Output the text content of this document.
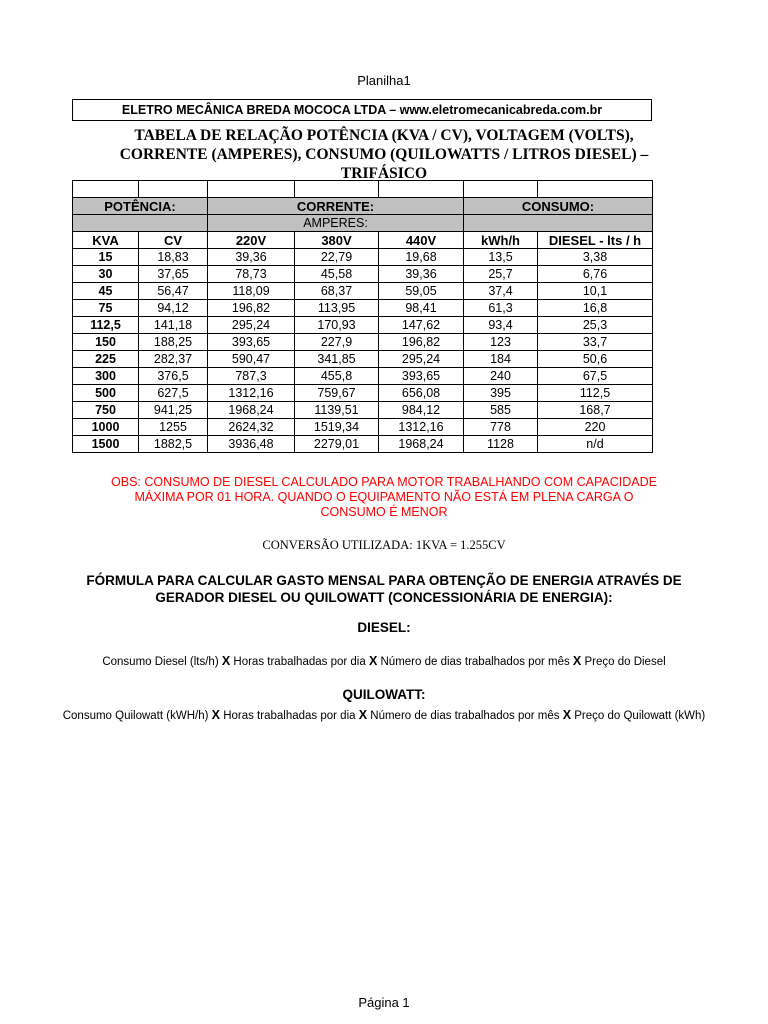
Planilha1
ELETRO MECÂNICA BREDA MOCOCA LTDA – www.eletromecanicabreda.com.br
TABELA DE RELAÇÃO POTÊNCIA (KVA / CV), VOLTAGEM (VOLTS),
CORRENTE (AMPERES), CONSUMO (QUILOWATTS / LITROS DIESEL) –
TRIFÁSICO

POTÊNCIA:		CORRENTE:			CONSUMO:	
		AMPERES:				
KVA	CV	220V	380V	440V	kWh/h	DIESEL - lts / h
15	18,83	39,36	22,79	19,68	13,5	3,38
30	37,65	78,73	45,58	39,36	25,7	6,76
45	56,47	118,09	68,37	59,05	37,4	10,1
75	94,12	196,82	113,95	98,41	61,3	16,8
112,5	141,18	295,24	170,93	147,62	93,4	25,3
150	188,25	393,65	227,9	196,82	123	33,7
225	282,37	590,47	341,85	295,24	184	50,6
300	376,5	787,3	455,8	393,65	240	67,5
500	627,5	1312,16	759,67	656,08	395	112,5
750	941,25	1968,24	1139,51	984,12	585	168,7
1000	1255	2624,32	1519,34	1312,16	778	220
1500	1882,5	3936,48	2279,01	1968,24	1128	n/d
OBS: CONSUMO DE DIESEL CALCULADO PARA MOTOR TRABALHANDO COM CAPACIDADE
MÁXIMA POR 01 HORA. QUANDO O EQUIPAMENTO NÃO ESTÁ EM PLENA CARGA O
CONSUMO É MENOR
CONVERSÃO UTILIZADA: 1KVA = 1.255CV
FÓRMULA PARA CALCULAR GASTO MENSAL PARA OBTENÇÃO DE ENERGIA ATRAVÉS DE
GERADOR DIESEL OU QUILOWATT (CONCESSIONÁRIA DE ENERGIA):
DIESEL:
Consumo Diesel (lts/h) X Horas trabalhadas por dia X Número de dias trabalhados por mês X Preço do Diesel
QUILOWATT:
Consumo Quilowatt (kWH/h) X Horas trabalhadas por dia X Número de dias trabalhados por mês X Preço do Quilowatt (kWh)
Página 1
